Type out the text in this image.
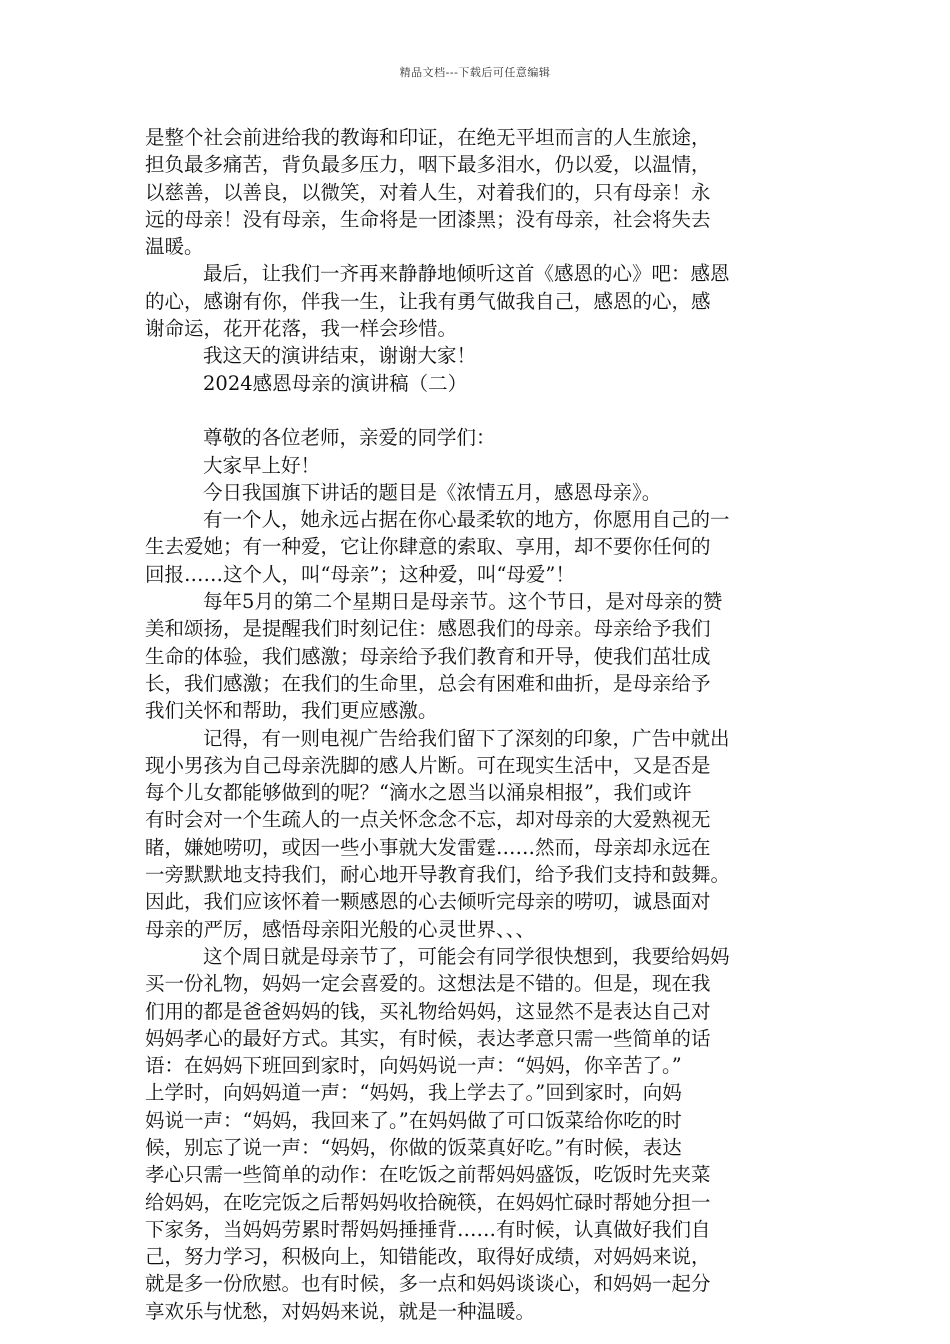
精品文档---下载后可任意编辑
是整个社会前进给我的教诲和印证，在绝无平坦而言的人生旅途，
担负最多痛苦，背负最多压力，咽下最多泪水，仍以爱，以温情，
以慈善，以善良，以微笑，对着人生，对着我们的，只有母亲！永
远的母亲！没有母亲，生命将是一团漆黑；没有母亲，社会将失去
温暖。
最后，让我们一齐再来静静地倾听这首《感恩的心》吧：感恩
的心，感谢有你，伴我一生，让我有勇气做我自己，感恩的心，感
谢命运，花开花落，我一样会珍惜。
我这天的演讲结束，谢谢大家！
2024感恩母亲的演讲稿（二）
尊敬的各位老师，亲爱的同学们：
大家早上好！
今日我国旗下讲话的题目是《浓情五月，感恩母亲》。
有一个人，她永远占据在你心最柔软的地方，你愿用自己的一
生去爱她；有一种爱，它让你肆意的索取、享用，却不要你任何的
回报……这个人，叫“母亲”；这种爱，叫“母爱”！
每年5月的第二个星期日是母亲节。这个节日，是对母亲的赞
美和颂扬，是提醒我们时刻记住：感恩我们的母亲。母亲给予我们
生命的体验，我们感激；母亲给予我们教育和开导，使我们茁壮成
长，我们感激；在我们的生命里，总会有困难和曲折，是母亲给予
我们关怀和帮助，我们更应感激。
记得，有一则电视广告给我们留下了深刻的印象，广告中就出
现小男孩为自己母亲洗脚的感人片断。可在现实生活中，又是否是
每个儿女都能够做到的呢？“滴水之恩当以涌泉相报”，我们或许
有时会对一个生疏人的一点关怀念念不忘，却对母亲的大爱熟视无
睹，嫌她唠叨，或因一些小事就大发雷霆……然而，母亲却永远在
一旁默默地支持我们，耐心地开导教育我们，给予我们支持和鼓舞。
因此，我们应该怀着一颗感恩的心去倾听完母亲的唠叨，诚恳面对
母亲的严厉，感悟母亲阳光般的心灵世界、、、
这个周日就是母亲节了，可能会有同学很快想到，我要给妈妈
买一份礼物，妈妈一定会喜爱的。这想法是不错的。但是，现在我
们用的都是爸爸妈妈的钱，买礼物给妈妈，这显然不是表达自己对
妈妈孝心的最好方式。其实，有时候，表达孝意只需一些简单的话
语：在妈妈下班回到家时，向妈妈说一声：“妈妈，你辛苦了。”
上学时，向妈妈道一声：“妈妈，我上学去了。”回到家时，向妈
妈说一声：“妈妈，我回来了。”在妈妈做了可口饭菜给你吃的时
候，别忘了说一声：“妈妈，你做的饭菜真好吃。”有时候，表达
孝心只需一些简单的动作：在吃饭之前帮妈妈盛饭，吃饭时先夹菜
给妈妈，在吃完饭之后帮妈妈收拾碗筷，在妈妈忙碌时帮她分担一
下家务，当妈妈劳累时帮妈妈捶捶背……有时候，认真做好我们自
己，努力学习，积极向上，知错能改，取得好成绩，对妈妈来说，
就是多一份欣慰。也有时候，多一点和妈妈谈谈心，和妈妈一起分
享欢乐与忧愁，对妈妈来说，就是一种温暖。
